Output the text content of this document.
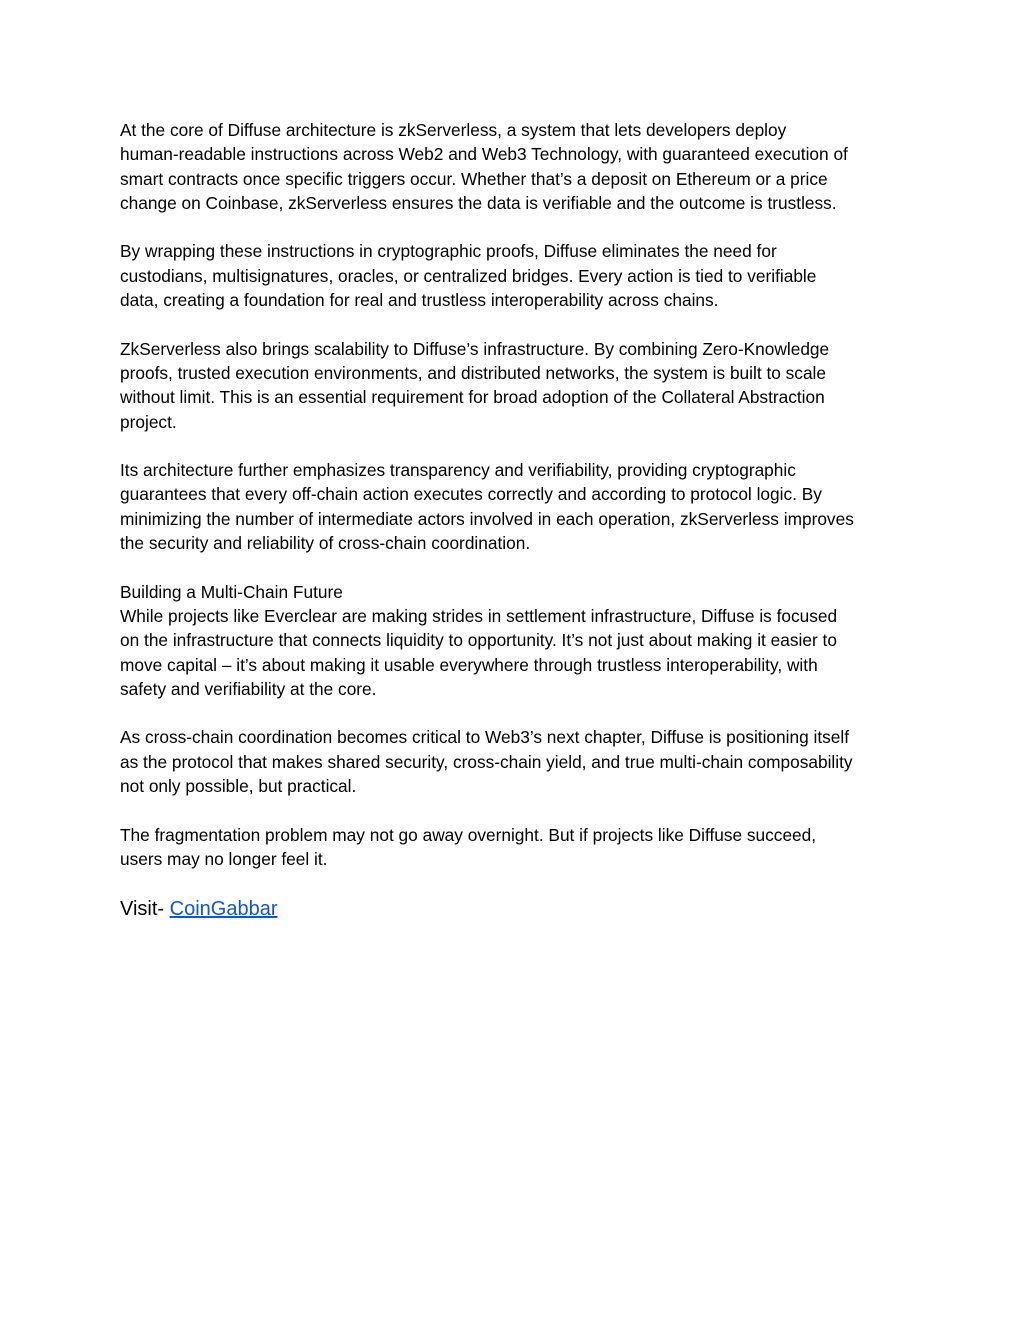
At the core of Diffuse architecture is zkServerless, a system that lets developers deploy
human-readable instructions across Web2 and Web3 Technology, with guaranteed execution of
smart contracts once specific triggers occur. Whether that’s a deposit on Ethereum or a price
change on Coinbase, zkServerless ensures the data is verifiable and the outcome is trustless.

By wrapping these instructions in cryptographic proofs, Diffuse eliminates the need for
custodians, multisignatures, oracles, or centralized bridges. Every action is tied to verifiable
data, creating a foundation for real and trustless interoperability across chains.

ZkServerless also brings scalability to Diffuse’s infrastructure. By combining Zero-Knowledge
proofs, trusted execution environments, and distributed networks, the system is built to scale
without limit. This is an essential requirement for broad adoption of the Collateral Abstraction
project.

Its architecture further emphasizes transparency and verifiability, providing cryptographic
guarantees that every off-chain action executes correctly and according to protocol logic. By
minimizing the number of intermediate actors involved in each operation, zkServerless improves
the security and reliability of cross-chain coordination.

Building a Multi-Chain Future
While projects like Everclear are making strides in settlement infrastructure, Diffuse is focused
on the infrastructure that connects liquidity to opportunity. It’s not just about making it easier to
move capital – it’s about making it usable everywhere through trustless interoperability, with
safety and verifiability at the core.

As cross-chain coordination becomes critical to Web3’s next chapter, Diffuse is positioning itself
as the protocol that makes shared security, cross-chain yield, and true multi-chain composability
not only possible, but practical.

The fragmentation problem may not go away overnight. But if projects like Diffuse succeed,
users may no longer feel it.

Visit- CoinGabbar
